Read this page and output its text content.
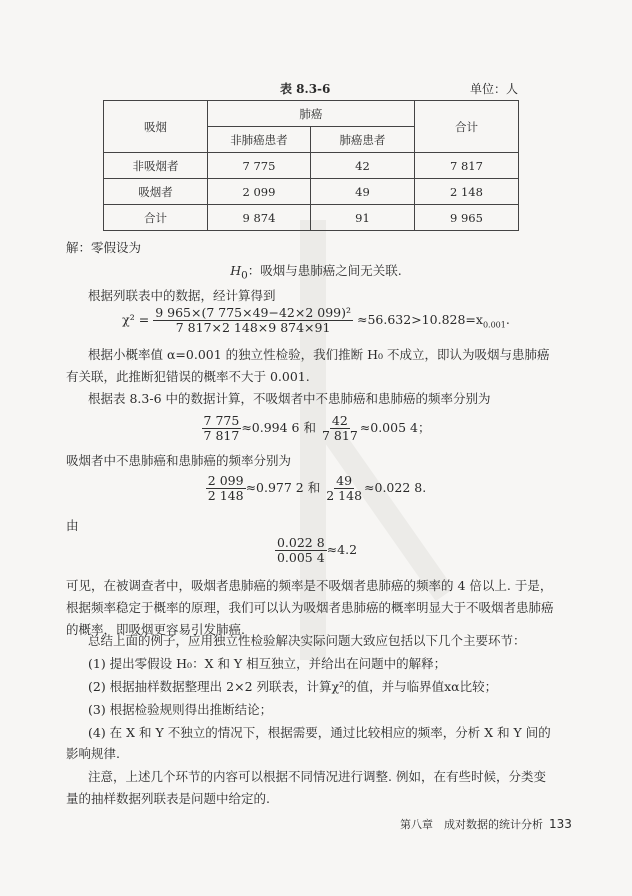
表 8.3-6	单位：人
吸烟	肺癌		合计
	非肺癌患者	肺癌患者	
非吸烟者	7 775	42	7 817
吸烟者	2 099	49	2 148
合计	9 874	91	9 965
解：零假设为
$H_0$：吸烟与患肺癌之间无关联.
根据列联表中的数据，经计算得到
$\chi^2 = \frac{\text{9 965×(7 775×49−42×2 099)²}}{7 817\times 2 148\times 9 874\times 91} \approx 56.632>10.828=x_{0.001}$.
根据小概率值 α=0.001 的独立性检验，我们推断 H₀ 不成立，即认为吸烟与患肺癌
有关联，此推断犯错误的概率不大于 0.001.
根据表 8.3-6 中的数据计算，不吸烟者中不患肺癌和患肺癌的频率分别为
$\frac{7 775}{7 817} \approx 0.994$ 6 和 $\frac{42}{7 817} \approx 0.005$ 4；
吸烟者中不患肺癌和患肺癌的频率分别为
$\frac{2 099}{2 148} \approx 0.977$ 2 和 $\frac{49}{2 148} \approx 0.022$ 8.
由
$\frac{0.022 8}{0.005 4} \approx 4.2$
可见，在被调查者中，吸烟者患肺癌的频率是不吸烟者患肺癌的频率的 4 倍以上. 于是，
根据频率稳定于概率的原理，我们可以认为吸烟者患肺癌的概率明显大于不吸烟者患肺癌
的概率，即吸烟更容易引发肺癌.
总结上面的例子，应用独立性检验解决实际问题大致应包括以下几个主要环节：
(1) 提出零假设 H₀：X 和 Y 相互独立，并给出在问题中的解释；
(2) 根据抽样数据整理出 2×2 列联表，计算χ²的值，并与临界值xα比较；
(3) 根据检验规则得出推断结论；
(4) 在 X 和 Y 不独立的情况下，根据需要，通过比较相应的频率，分析 X 和 Y 间的
影响规律.
注意，上述几个环节的内容可以根据不同情况进行调整. 例如，在有些时候，分类变
量的抽样数据列联表是问题中给定的.
第八章　成对数据的统计分析 133
